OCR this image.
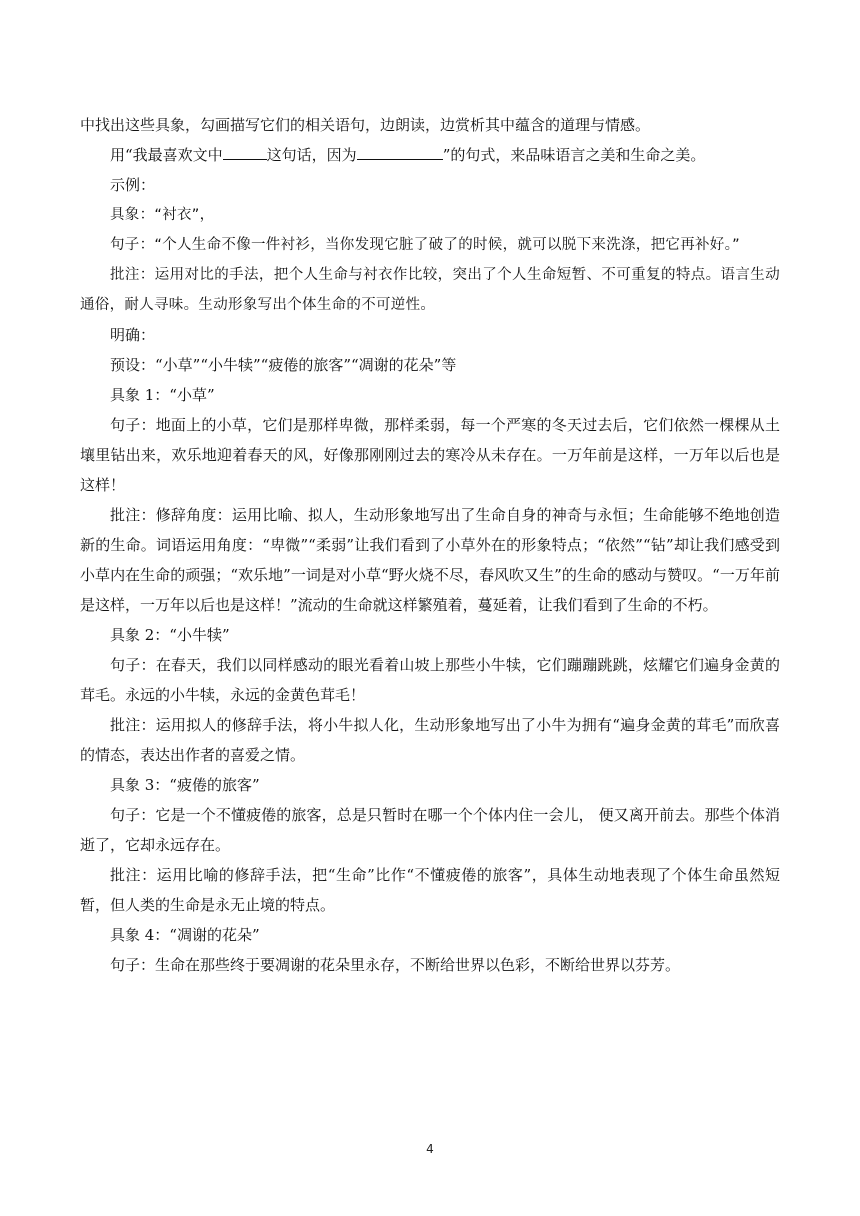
中找出这些具象，勾画描写它们的相关语句，边朗读，边赏析其中蕴含的道理与情感。

用“我最喜欢文中	这句话，因为	”的句式，来品味语言之美和生命之美。

示例：

具象：“衬衣”，

句子：“个人生命不像一件衬衫，当你发现它脏了破了的时候，就可以脱下来洗涤，把它再补好。”

批注：运用对比的手法，把个人生命与衬衣作比较，突出了个人生命短暂、不可重复的特点。语言生动通俗，耐人寻味。生动形象写出个体生命的不可逆性。

明确：

预设：“小草”“小牛犊”“疲倦的旅客”“凋谢的花朵”等

具象 1：“小草”

句子：地面上的小草，它们是那样卑微，那样柔弱，每一个严寒的冬天过去后，它们依然一棵棵从土壤里钻出来，欢乐地迎着春天的风，好像那刚刚过去的寒冷从未存在。一万年前是这样，一万年以后也是这样！

批注：修辞角度：运用比喻、拟人，生动形象地写出了生命自身的神奇与永恒；生命能够不绝地创造新的生命。词语运用角度：“卑微”“柔弱”让我们看到了小草外在的形象特点；“依然”“钻”却让我们感受到小草内在生命的顽强；“欢乐地”一词是对小草“野火烧不尽，春风吹又生”的生命的感动与赞叹。“一万年前是这样，一万年以后也是这样！”流动的生命就这样繁殖着，蔓延着，让我们看到了生命的不朽。

具象 2：“小牛犊”

句子：在春天，我们以同样感动的眼光看着山坡上那些小牛犊，它们蹦蹦跳跳，炫耀它们遍身金黄的茸毛。永远的小牛犊，永远的金黄色茸毛！

批注：运用拟人的修辞手法，将小牛拟人化，生动形象地写出了小牛为拥有“遍身金黄的茸毛”而欣喜的情态，表达出作者的喜爱之情。

具象 3：“疲倦的旅客”

句子：它是一个不懂疲倦的旅客，总是只暂时在哪一个个体内住一会儿， 便又离开前去。那些个体消逝了，它却永远存在。

批注：运用比喻的修辞手法，把“生命”比作“不懂疲倦的旅客”，具体生动地表现了个体生命虽然短暂，但人类的生命是永无止境的特点。

具象 4：“凋谢的花朵”

句子：生命在那些终于要凋谢的花朵里永存，不断给世界以色彩，不断给世界以芬芳。

4
